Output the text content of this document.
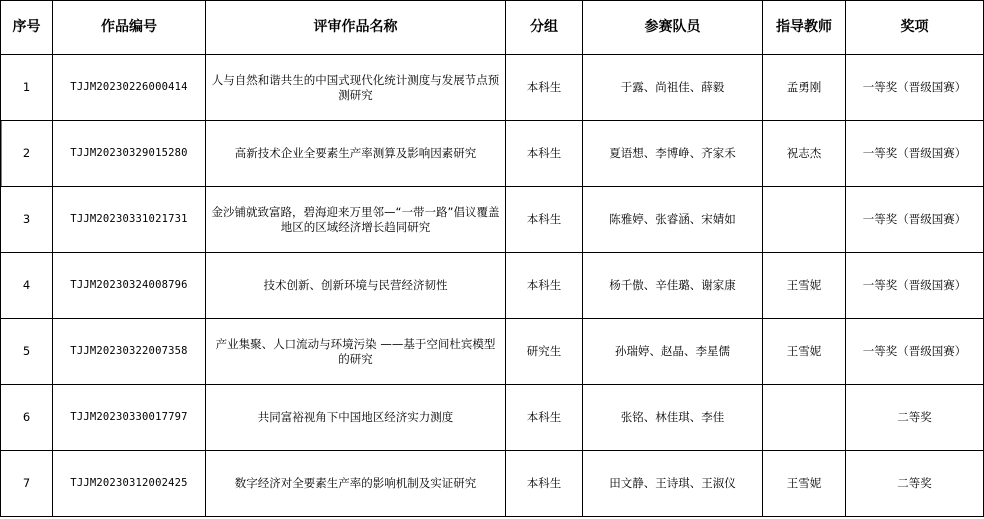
序号	作品编号	评审作品名称	分组	参赛队员	指导教师	奖项
1	TJJM20230226000414	人与自然和谐共生的中国式现代化统计测度与发展节点预测研究	本科生	于露、尚祖佳、薛毅	孟勇刚	一等奖（晋级国赛）
2	TJJM20230329015280	高新技术企业全要素生产率测算及影响因素研究	本科生	夏语想、李博峥、齐家禾	祝志杰	一等奖（晋级国赛）
3	TJJM20230331021731	金沙铺就致富路，碧海迎来万里邻—“一带一路”倡议覆盖地区的区域经济增长趋同研究	本科生	陈雅婷、张睿涵、宋婧如		一等奖（晋级国赛）
4	TJJM20230324008796	技术创新、创新环境与民营经济韧性	本科生	杨千傲、辛佳璐、谢家康	王雪妮	一等奖（晋级国赛）
5	TJJM20230322007358	产业集聚、人口流动与环境污染 ——基于空间杜宾模型的研究	研究生	孙瑞婷、赵晶、李星儒	王雪妮	一等奖（晋级国赛）
6	TJJM20230330017797	共同富裕视角下中国地区经济实力测度	本科生	张铭、林佳琪、李佳		二等奖
7	TJJM20230312002425	数字经济对全要素生产率的影响机制及实证研究	本科生	田文静、王诗琪、王淑仪	王雪妮	二等奖
